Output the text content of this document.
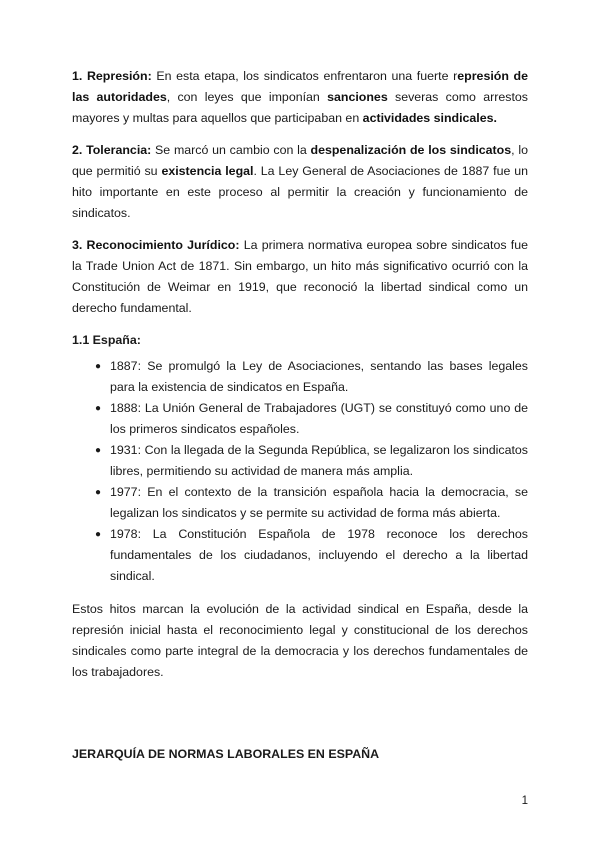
1. Represión: En esta etapa, los sindicatos enfrentaron una fuerte represión de las autoridades, con leyes que imponían sanciones severas como arrestos mayores y multas para aquellos que participaban en actividades sindicales.

2. Tolerancia: Se marcó un cambio con la despenalización de los sindicatos, lo que permitió su existencia legal. La Ley General de Asociaciones de 1887 fue un hito importante en este proceso al permitir la creación y funcionamiento de sindicatos.

3. Reconocimiento Jurídico: La primera normativa europea sobre sindicatos fue la Trade Union Act de 1871. Sin embargo, un hito más significativo ocurrió con la Constitución de Weimar en 1919, que reconoció la libertad sindical como un derecho fundamental.

1.1 España:
● 1887: Se promulgó la Ley de Asociaciones, sentando las bases legales para la existencia de sindicatos en España.
● 1888: La Unión General de Trabajadores (UGT) se constituyó como uno de los primeros sindicatos españoles.
● 1931: Con la llegada de la Segunda República, se legalizaron los sindicatos libres, permitiendo su actividad de manera más amplia.
● 1977: En el contexto de la transición española hacia la democracia, se legalizan los sindicatos y se permite su actividad de forma más abierta.
● 1978: La Constitución Española de 1978 reconoce los derechos fundamentales de los ciudadanos, incluyendo el derecho a la libertad sindical.

Estos hitos marcan la evolución de la actividad sindical en España, desde la represión inicial hasta el reconocimiento legal y constitucional de los derechos sindicales como parte integral de la democracia y los derechos fundamentales de los trabajadores.

JERARQUÍA DE NORMAS LABORALES EN ESPAÑA
1
